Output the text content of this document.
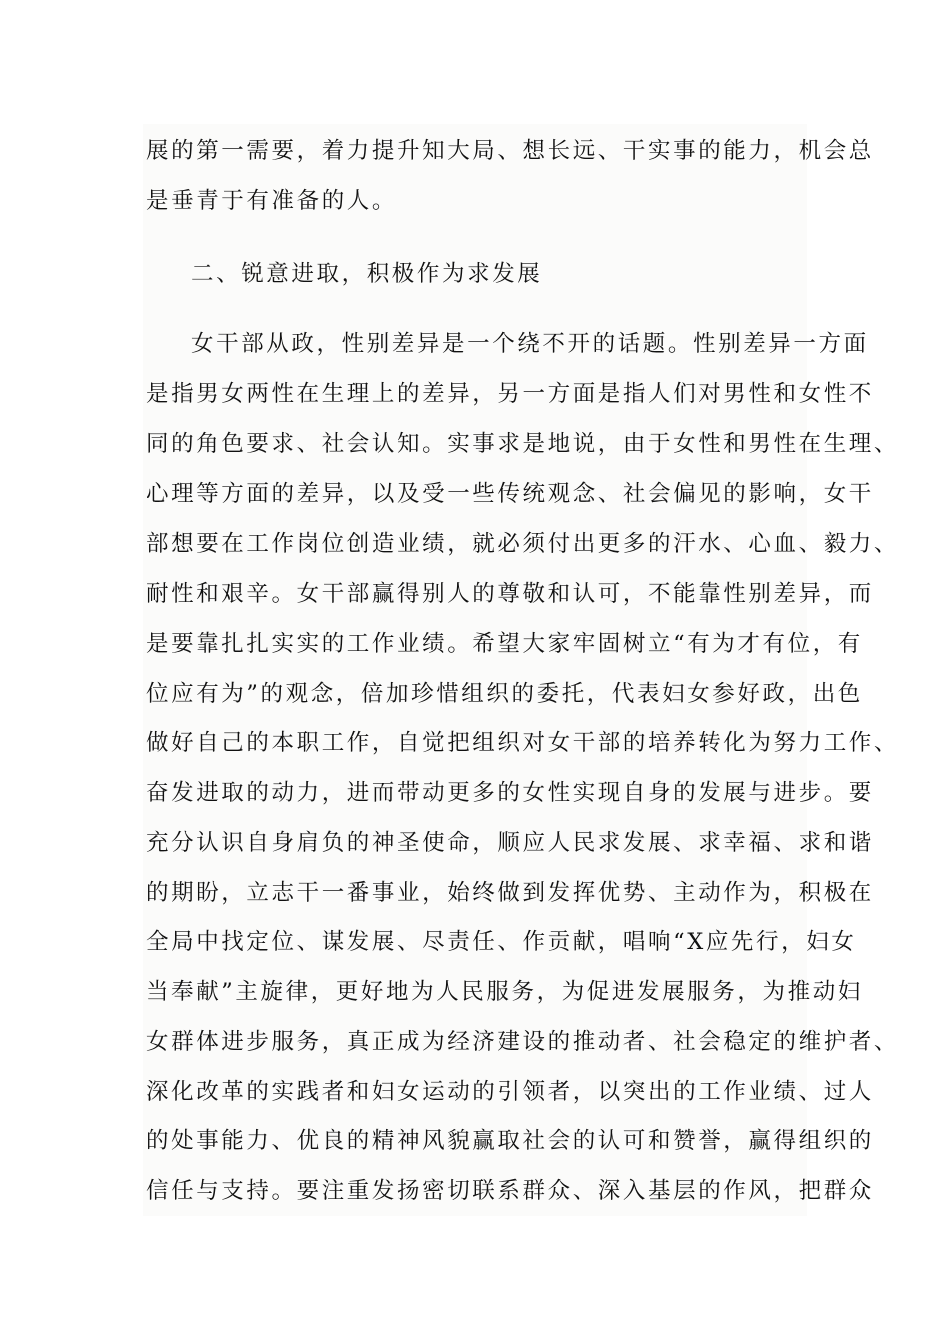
展的第一需要，着力提升知大局、想长远、干实事的能力，机会总
是垂青于有准备的人。
二、锐意进取，积极作为求发展
女干部从政，性别差异是一个绕不开的话题。性别差异一方面
是指男女两性在生理上的差异，另一方面是指人们对男性和女性不
同的角色要求、社会认知。实事求是地说，由于女性和男性在生理、
心理等方面的差异，以及受一些传统观念、社会偏见的影响，女干
部想要在工作岗位创造业绩，就必须付出更多的汗水、心血、毅力、
耐性和艰辛。女干部赢得别人的尊敬和认可，不能靠性别差异，而
是要靠扎扎实实的工作业绩。希望大家牢固树立“有为才有位，有
位应有为”的观念，倍加珍惜组织的委托，代表妇女参好政，出色
做好自己的本职工作，自觉把组织对女干部的培养转化为努力工作、
奋发进取的动力，进而带动更多的女性实现自身的发展与进步。要
充分认识自身肩负的神圣使命，顺应人民求发展、求幸福、求和谐
的期盼，立志干一番事业，始终做到发挥优势、主动作为，积极在
全局中找定位、谋发展、尽责任、作贡献，唱响“X应先行，妇女
当奉献”主旋律，更好地为人民服务，为促进发展服务，为推动妇
女群体进步服务，真正成为经济建设的推动者、社会稳定的维护者、
深化改革的实践者和妇女运动的引领者，以突出的工作业绩、过人
的处事能力、优良的精神风貌赢取社会的认可和赞誉，赢得组织的
信任与支持。要注重发扬密切联系群众、深入基层的作风，把群众
